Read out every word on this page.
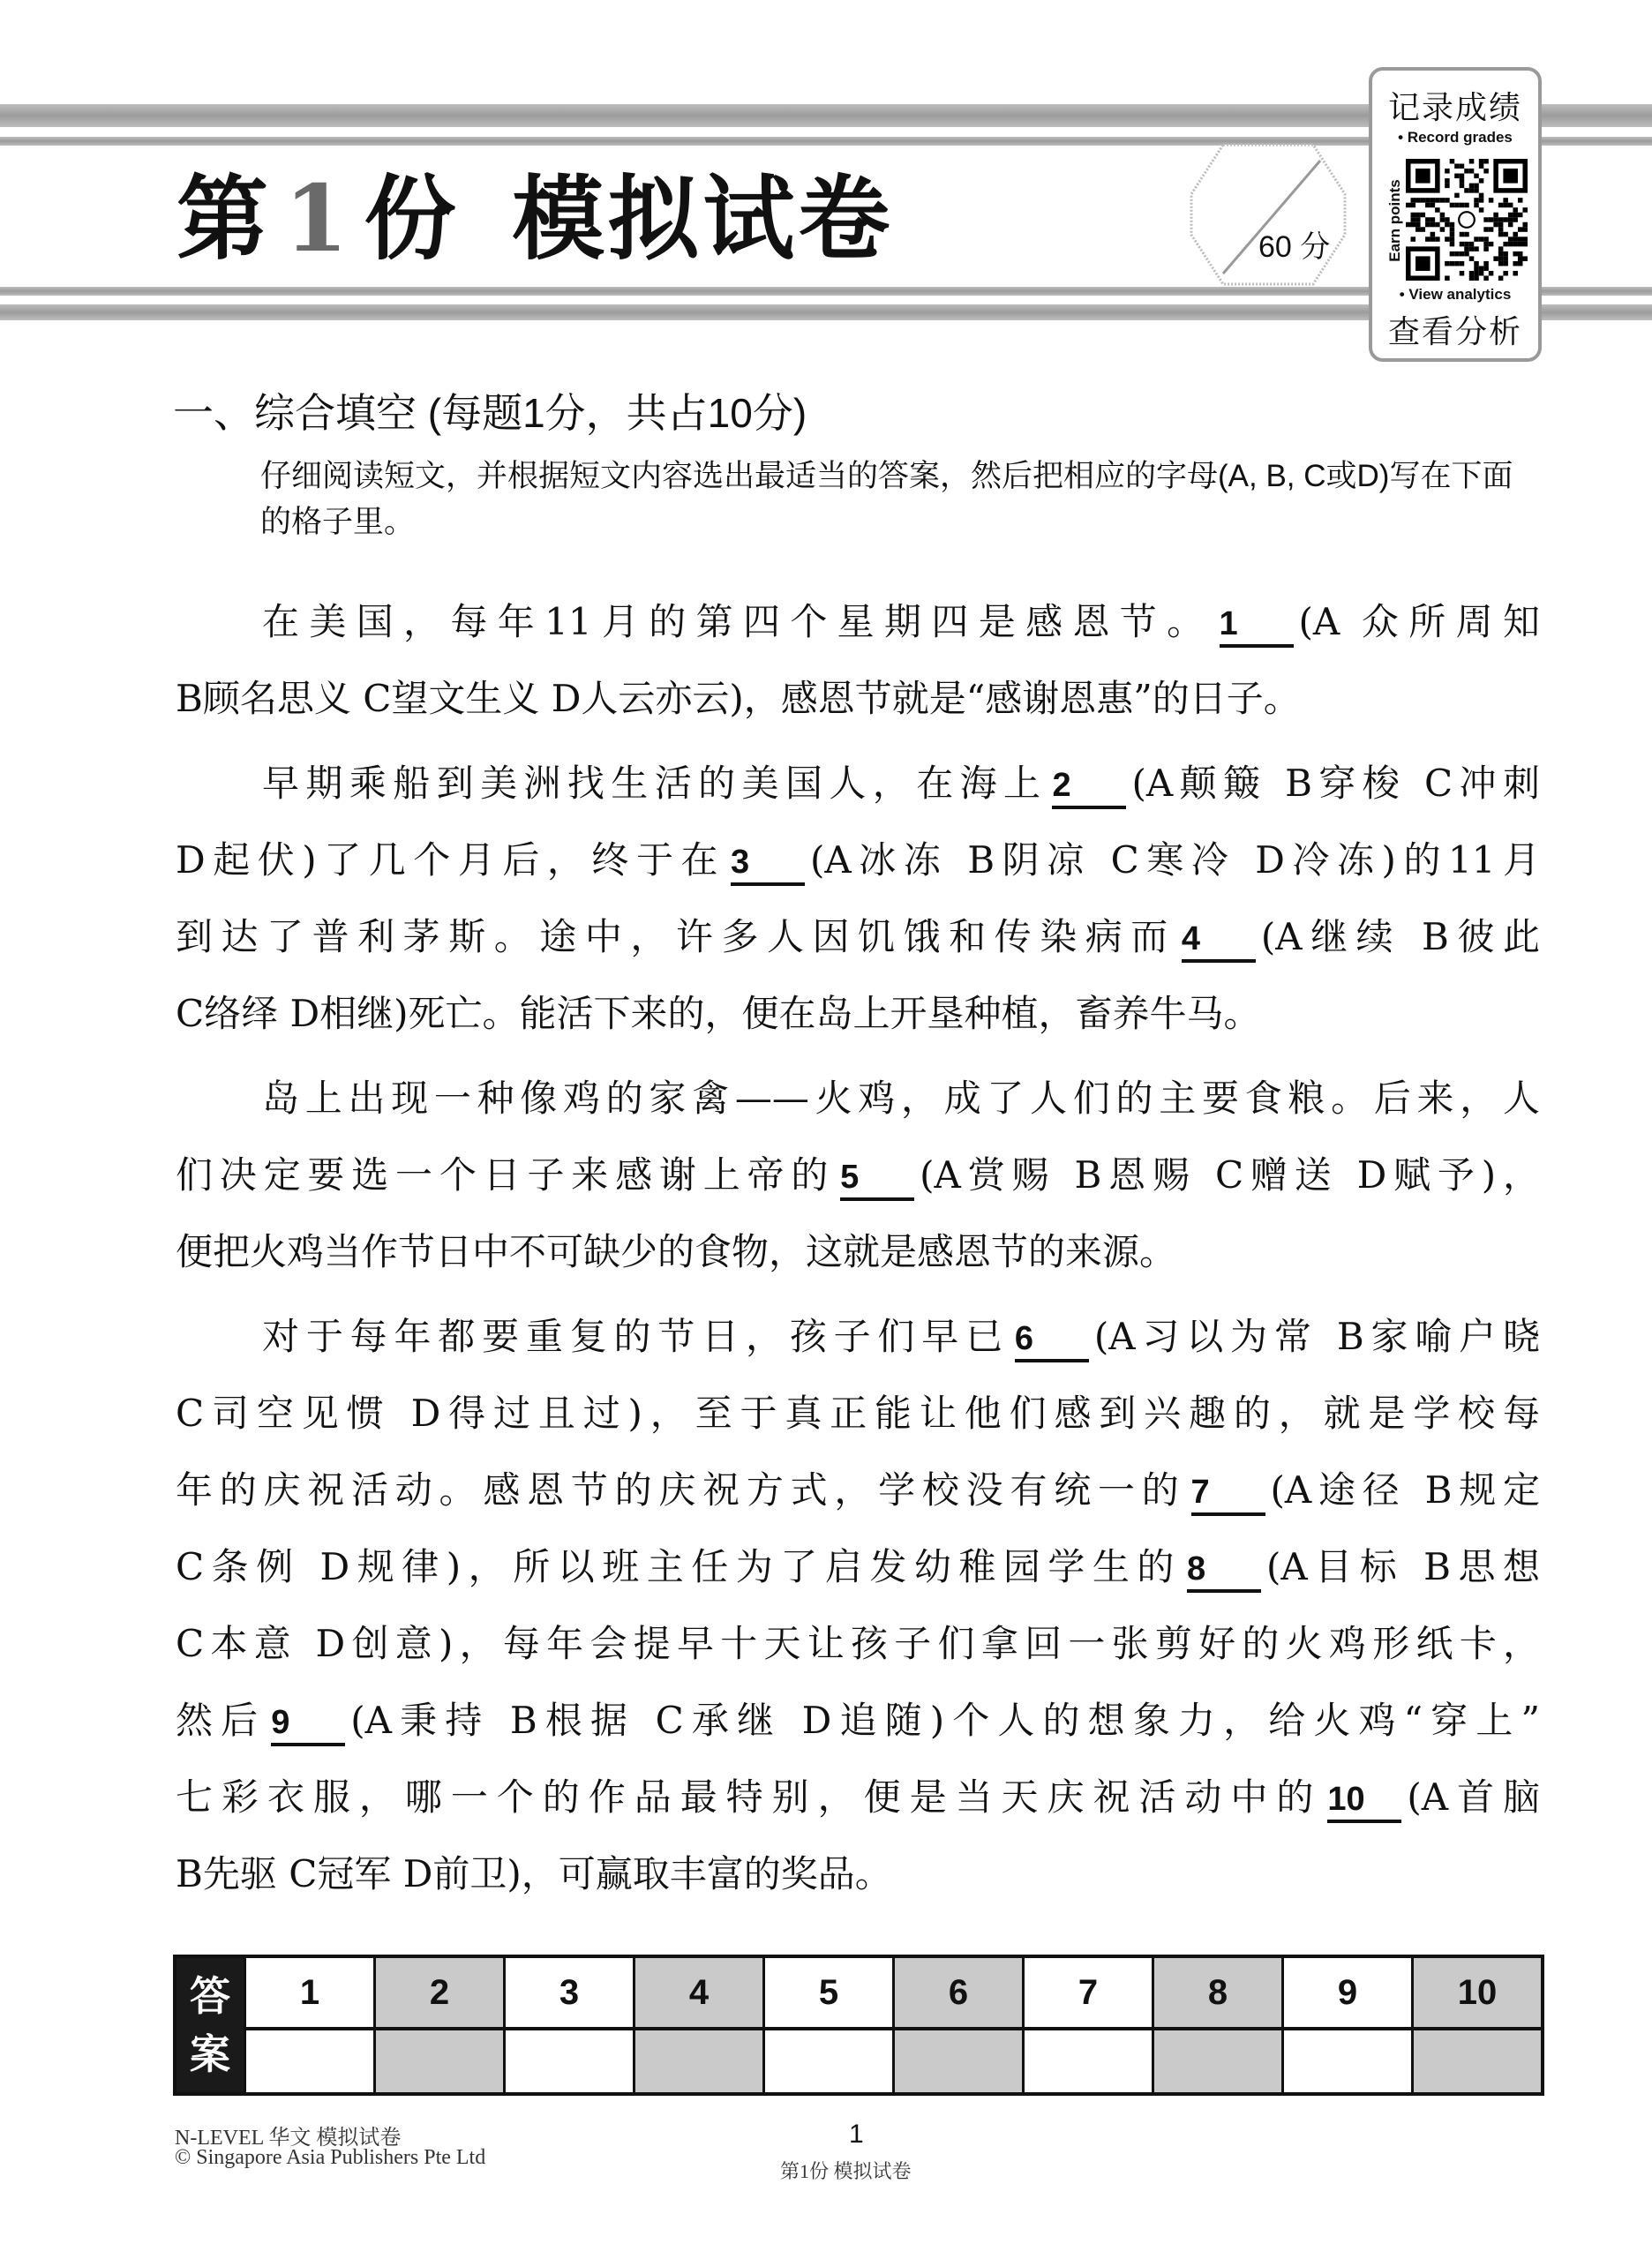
第 1 份 模拟试卷	60 分
记录成绩
• Record grades
Earn points
• View analytics
查看分析
一、综合填空 (每题1分，共占10分)
仔细阅读短文，并根据短文内容选出最适当的答案，然后把相应的字母(A, B, C或D)写在下面的格子里。
在美国，每年11月的第四个星期四是感恩节。 1 (A 众所周知
B顾名思义 C望文生义 D人云亦云)，感恩节就是“感谢恩惠”的日子。
早期乘船到美洲找生活的美国人，在海上 2 (A颠簸 B穿梭 C冲刺
D起伏)了几个月后，终于在 3 (A冰冻 B阴凉 C寒冷 D冷冻)的11月
到达了普利茅斯。途中，许多人因饥饿和传染病而 4 (A继续 B彼此
C络绎 D相继)死亡。能活下来的，便在岛上开垦种植，畜养牛马。
岛上出现一种像鸡的家禽——火鸡，成了人们的主要食粮。后来，人
们决定要选一个日子来感谢上帝的 5 (A赏赐 B恩赐 C赠送 D赋予)，
便把火鸡当作节日中不可缺少的食物，这就是感恩节的来源。
对于每年都要重复的节日，孩子们早已 6 (A习以为常 B家喻户晓
C司空见惯 D得过且过)，至于真正能让他们感到兴趣的，就是学校每
年的庆祝活动。感恩节的庆祝方式，学校没有统一的 7 (A途径 B规定
C条例 D规律)，所以班主任为了启发幼稚园学生的 8 (A目标 B思想
C本意 D创意)，每年会提早十天让孩子们拿回一张剪好的火鸡形纸卡，
然后 9 (A秉持 B根据 C承继 D追随)个人的想象力，给火鸡“穿上”
七彩衣服，哪一个的作品最特别，便是当天庆祝活动中的 10 (A首脑
B先驱 C冠军 D前卫)，可赢取丰富的奖品。
答
案
1	2	3	4	5	6	7	8	9	10
N-LEVEL 华文 模拟试卷
© Singapore Asia Publishers Pte Ltd
1
第1份 模拟试卷
